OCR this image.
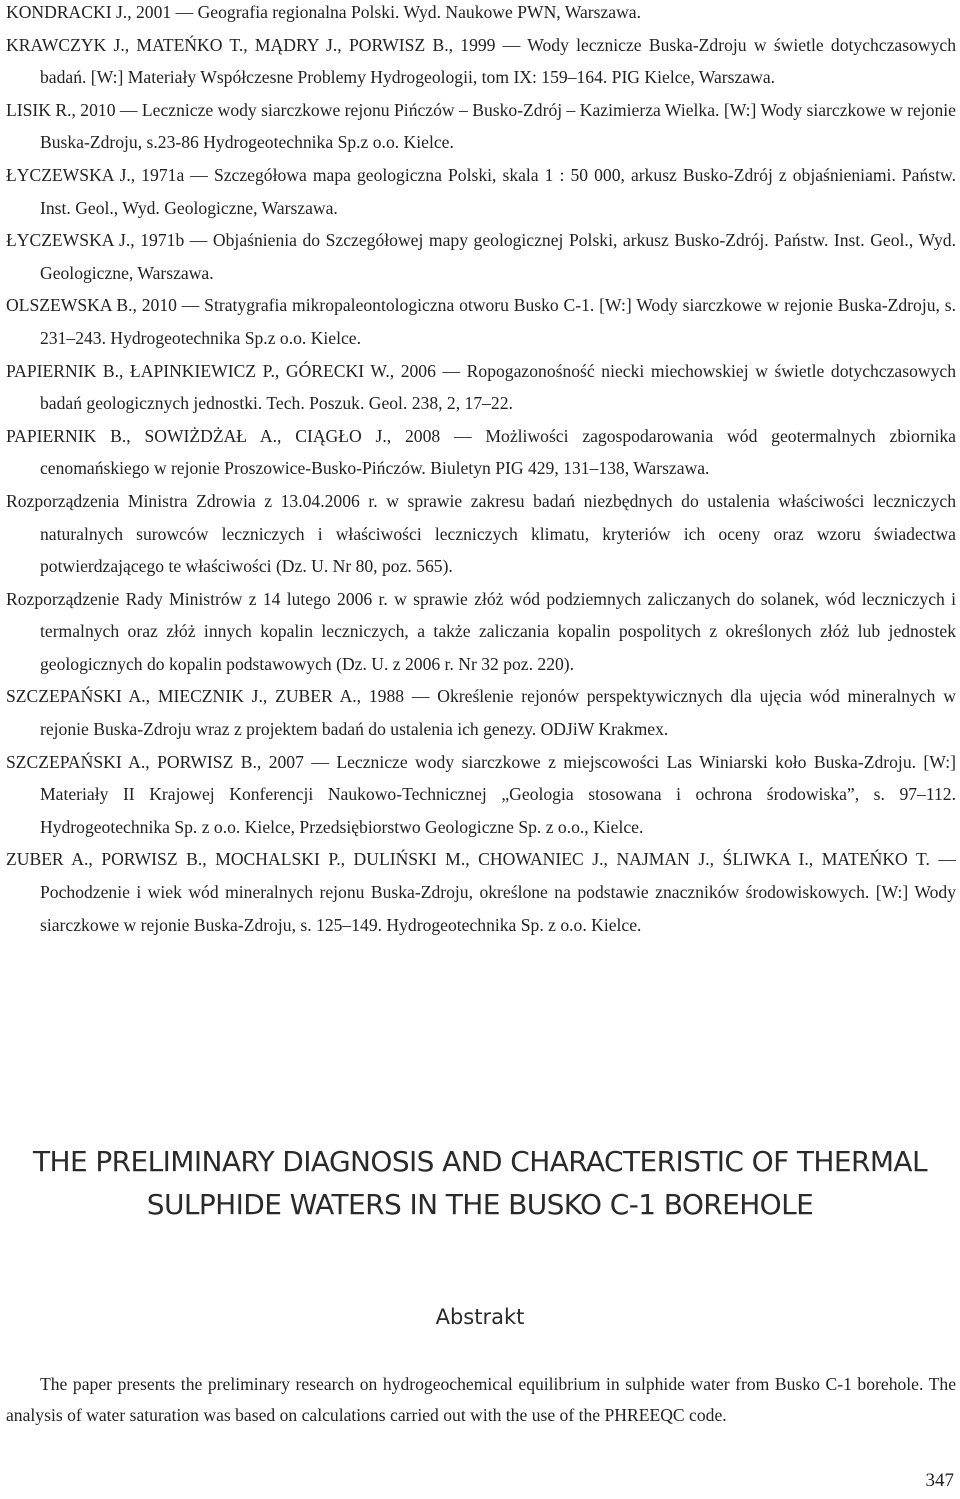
KONDRACKI J., 2001 — Geografia regionalna Polski. Wyd. Naukowe PWN, Warszawa.
KRAWCZYK J., MATEŃKO T., MĄDRY J., PORWISZ B., 1999 — Wody lecznicze Buska-Zdroju w świetle dotychczasowych badań. [W:] Materiały Współczesne Problemy Hydrogeologii, tom IX: 159–164. PIG Kielce, Warszawa.
LISIK R., 2010 — Lecznicze wody siarczkowe rejonu Pińczów – Busko-Zdrój – Kazimierza Wielka. [W:] Wody siarczkowe w rejonie Buska-Zdroju, s.23-86 Hydrogeotechnika Sp.z o.o. Kielce.
ŁYCZEWSKA J., 1971a — Szczegółowa mapa geologiczna Polski, skala 1 : 50 000, arkusz Busko-Zdrój z objaśnieniami. Państw. Inst. Geol., Wyd. Geologiczne, Warszawa.
ŁYCZEWSKA J., 1971b — Objaśnienia do Szczegółowej mapy geologicznej Polski, arkusz Busko-Zdrój. Państw. Inst. Geol., Wyd. Geologiczne, Warszawa.
OLSZEWSKA B., 2010 — Stratygrafia mikropaleontologiczna otworu Busko C-1. [W:] Wody siarczkowe w rejonie Buska-Zdroju, s. 231–243. Hydrogeotechnika Sp.z o.o. Kielce.
PAPIERNIK B., ŁAPINKIEWICZ P., GÓRECKI W., 2006 — Ropogazonośność niecki miechowskiej w świetle dotychczasowych badań geologicznych jednostki. Tech. Poszuk. Geol. 238, 2, 17–22.
PAPIERNIK B., SOWIŻDŻAŁ A., CIĄGŁO J., 2008 — Możliwości zagospodarowania wód geotermalnych zbiornika cenomańskiego w rejonie Proszowice-Busko-Pińczów. Biuletyn PIG 429, 131–138, Warszawa.
Rozporządzenia Ministra Zdrowia z 13.04.2006 r. w sprawie zakresu badań niezbędnych do ustalenia właściwości leczniczych naturalnych surowców leczniczych i właściwości leczniczych klimatu, kryteriów ich oceny oraz wzoru świadectwa potwierdzającego te właściwości (Dz. U. Nr 80, poz. 565).
Rozporządzenie Rady Ministrów z 14 lutego 2006 r. w sprawie złóż wód podziemnych zaliczanych do solanek, wód leczniczych i termalnych oraz złóż innych kopalin leczniczych, a także zaliczania kopalin pospolitych z określonych złóż lub jednostek geologicznych do kopalin podstawowych (Dz. U. z 2006 r. Nr 32 poz. 220).
SZCZEPAŃSKI A., MIECZNIK J., ZUBER A., 1988 — Określenie rejonów perspektywicznych dla ujęcia wód mineralnych w rejonie Buska-Zdroju wraz z projektem badań do ustalenia ich genezy. ODJiW Krakmex.
SZCZEPAŃSKI A., PORWISZ B., 2007 — Lecznicze wody siarczkowe z miejscowości Las Winiarski koło Buska-Zdroju. [W:] Materiały II Krajowej Konferencji Naukowo-Technicznej „Geologia stosowana i ochrona środowiska”, s. 97–112. Hydrogeotechnika Sp. z o.o. Kielce, Przedsiębiorstwo Geologiczne Sp. z o.o., Kielce.
ZUBER A., PORWISZ B., MOCHALSKI P., DULIŃSKI M., CHOWANIEC J., NAJMAN J., ŚLIWKA I., MATEŃKO T. — Pochodzenie i wiek wód mineralnych rejonu Buska-Zdroju, określone na podstawie znaczników środowiskowych. [W:] Wody siarczkowe w rejonie Buska-Zdroju, s. 125–149. Hydrogeotechnika Sp. z o.o. Kielce.
THE PRELIMINARY DIAGNOSIS AND CHARACTERISTIC OF THERMAL
SULPHIDE WATERS IN THE BUSKO C-1 BOREHOLE
Abstrakt
The paper presents the preliminary research on hydrogeochemical equilibrium in sulphide water from Busko C-1 borehole. The analysis of water saturation was based on calculations carried out with the use of the PHREEQC code.
347
